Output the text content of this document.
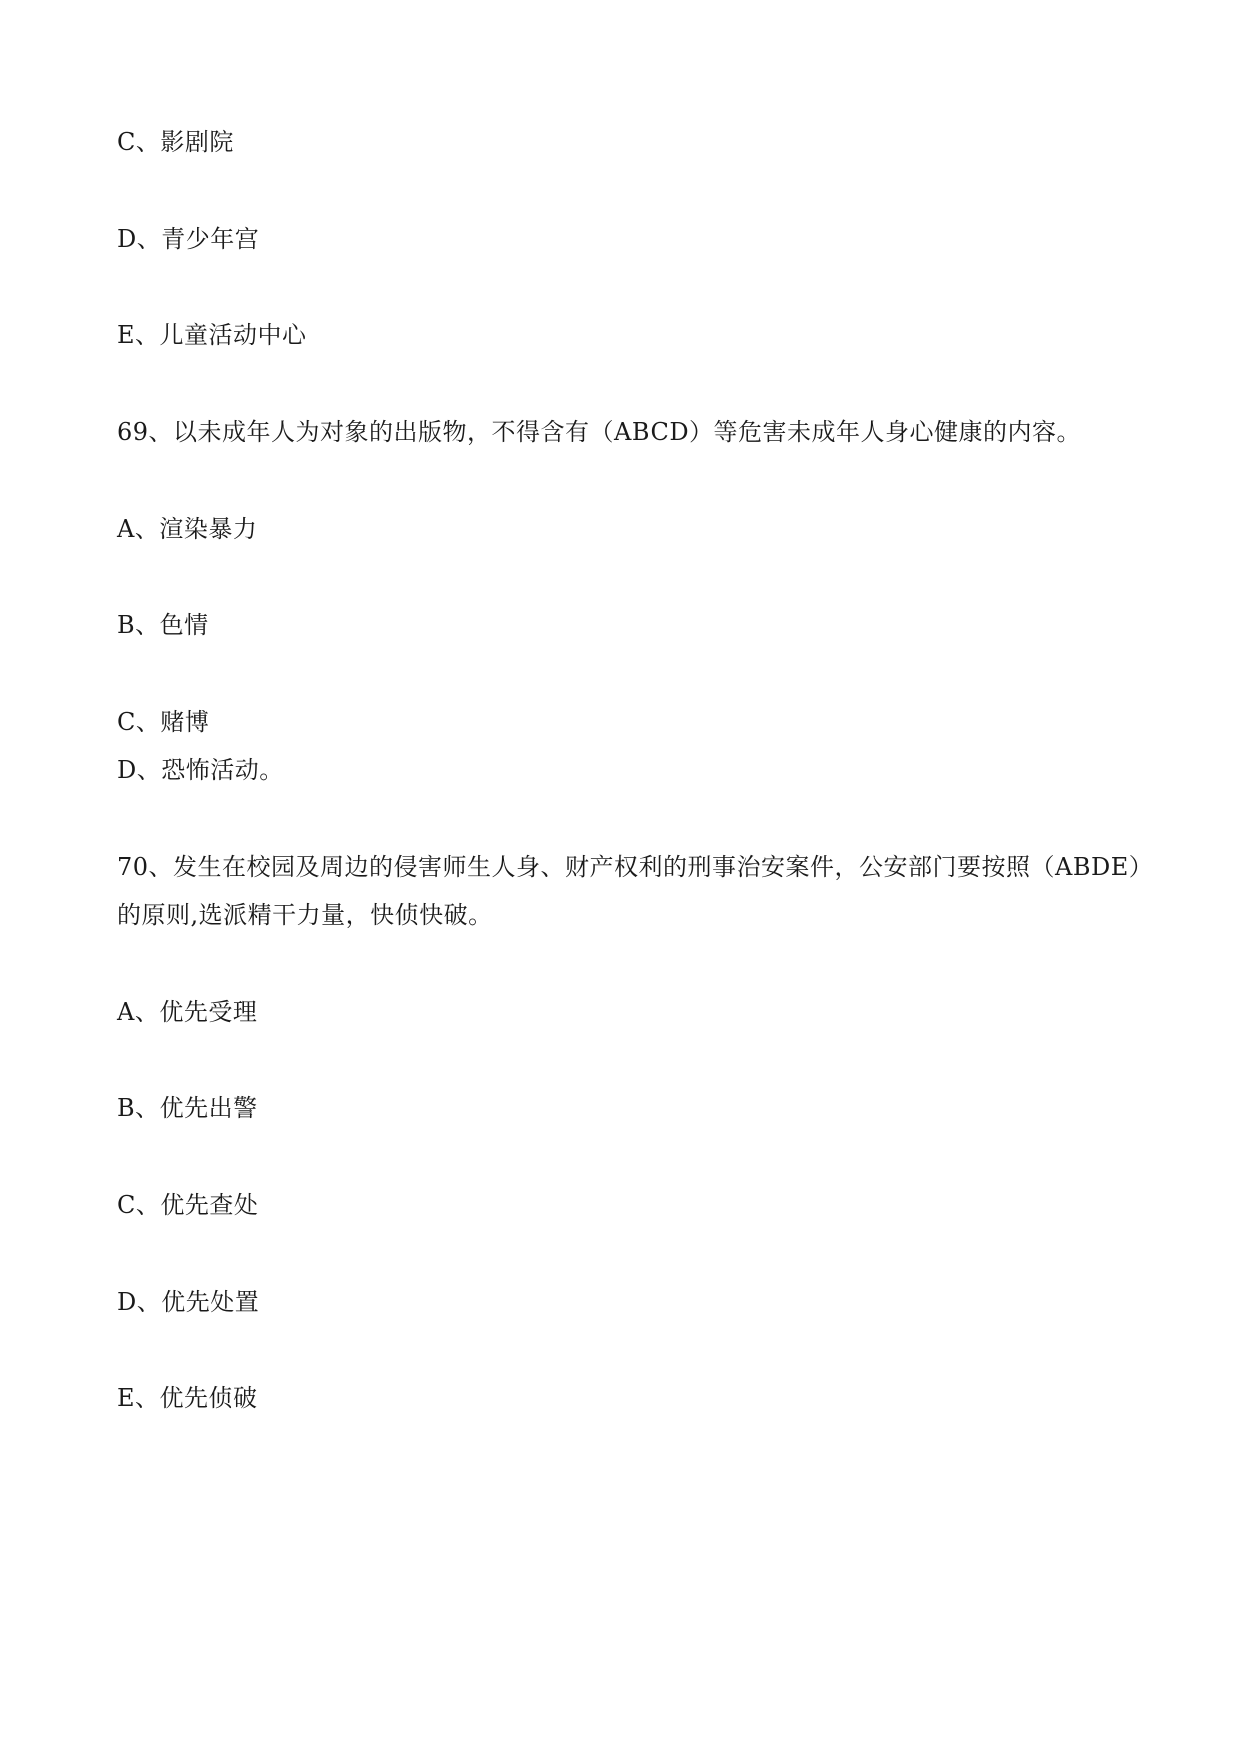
C、影剧院
D、青少年宫
E、儿童活动中心
69、以未成年人为对象的出版物，不得含有（ABCD）等危害未成年人身心健康的内容。
A、渲染暴力
B、色情
C、赌博
D、恐怖活动。
70、发生在校园及周边的侵害师生人身、财产权利的刑事治安案件，公安部门要按照（ABDE）
的原则,选派精干力量，快侦快破。
A、优先受理
B、优先出警
C、优先查处
D、优先处置
E、优先侦破
